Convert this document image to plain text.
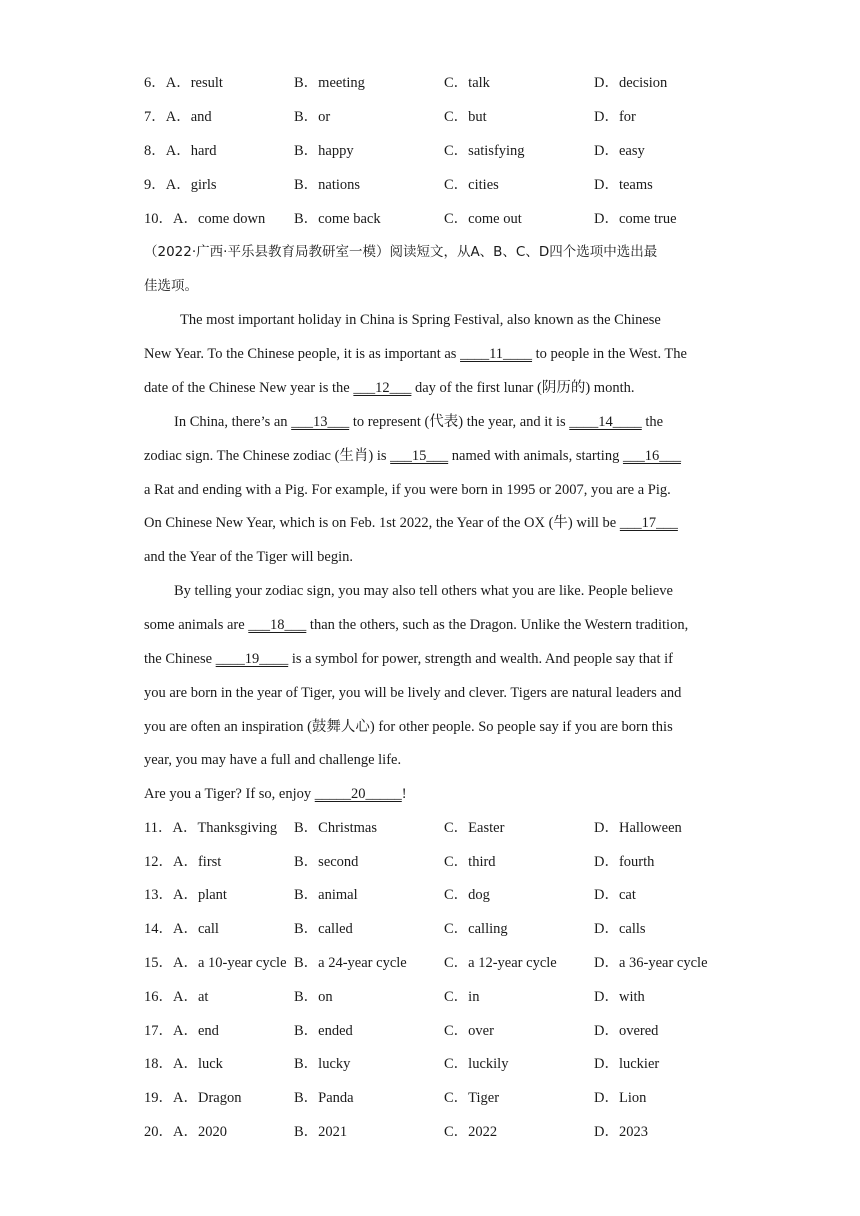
6．A．result	B．meeting	C．talk	D．decision
7．A．and	B．or	C．but	D．for
8．A．hard	B．happy	C．satisfying	D．easy
9．A．girls	B．nations	C．cities	D．teams
10．A．come down B．come back	C．come out	D．come true
（2022·广西·平乐县教育局教研室一模）阅读短文，从A、B、C、D四个选项中选出最
佳选项。
The most important holiday in China is Spring Festival, also known as the Chinese
New Year. To the Chinese people, it is as important as ____11____ to people in the West. The
date of the Chinese New year is the ___12___ day of the first lunar (阴历的) month.
In China, there’s an ___13___ to represent (代表) the year, and it is ____14____ the
zodiac sign. The Chinese zodiac (生肖) is ___15___ named with animals, starting ___16___
a Rat and ending with a Pig. For example, if you were born in 1995 or 2007, you are a Pig.
On Chinese New Year, which is on Feb. 1st 2022, the Year of the OX (牛) will be ___17___
and the Year of the Tiger will begin.
By telling your zodiac sign, you may also tell others what you are like. People believe
some animals are ___18___ than the others, such as the Dragon. Unlike the Western tradition,
the Chinese ____19____ is a symbol for power, strength and wealth. And people say that if
you are born in the year of Tiger, you will be lively and clever. Tigers are natural leaders and
you are often an inspiration (鼓舞人心) for other people. So people say if you are born this
year, you may have a full and challenge life.
Are you a Tiger? If so, enjoy _____20_____!
11．A．Thanksgiving B．Christmas	C．Easter	D．Halloween
12．A．first	B．second	C．third	D．fourth
13．A．plant	B．animal	C．dog	D．cat
14．A．call	B．called	C．calling	D．calls
15．A．a 10-year cycle B．a 24-year cycle	C．a 12-year cycle	D．a 36-year cycle
16．A．at	B．on	C．in	D．with
17．A．end	B．ended	C．over	D．overed
18．A．luck	B．lucky	C．luckily	D．luckier
19．A．Dragon	B．Panda	C．Tiger	D．Lion
20．A．2020	B．2021	C．2022	D．2023
